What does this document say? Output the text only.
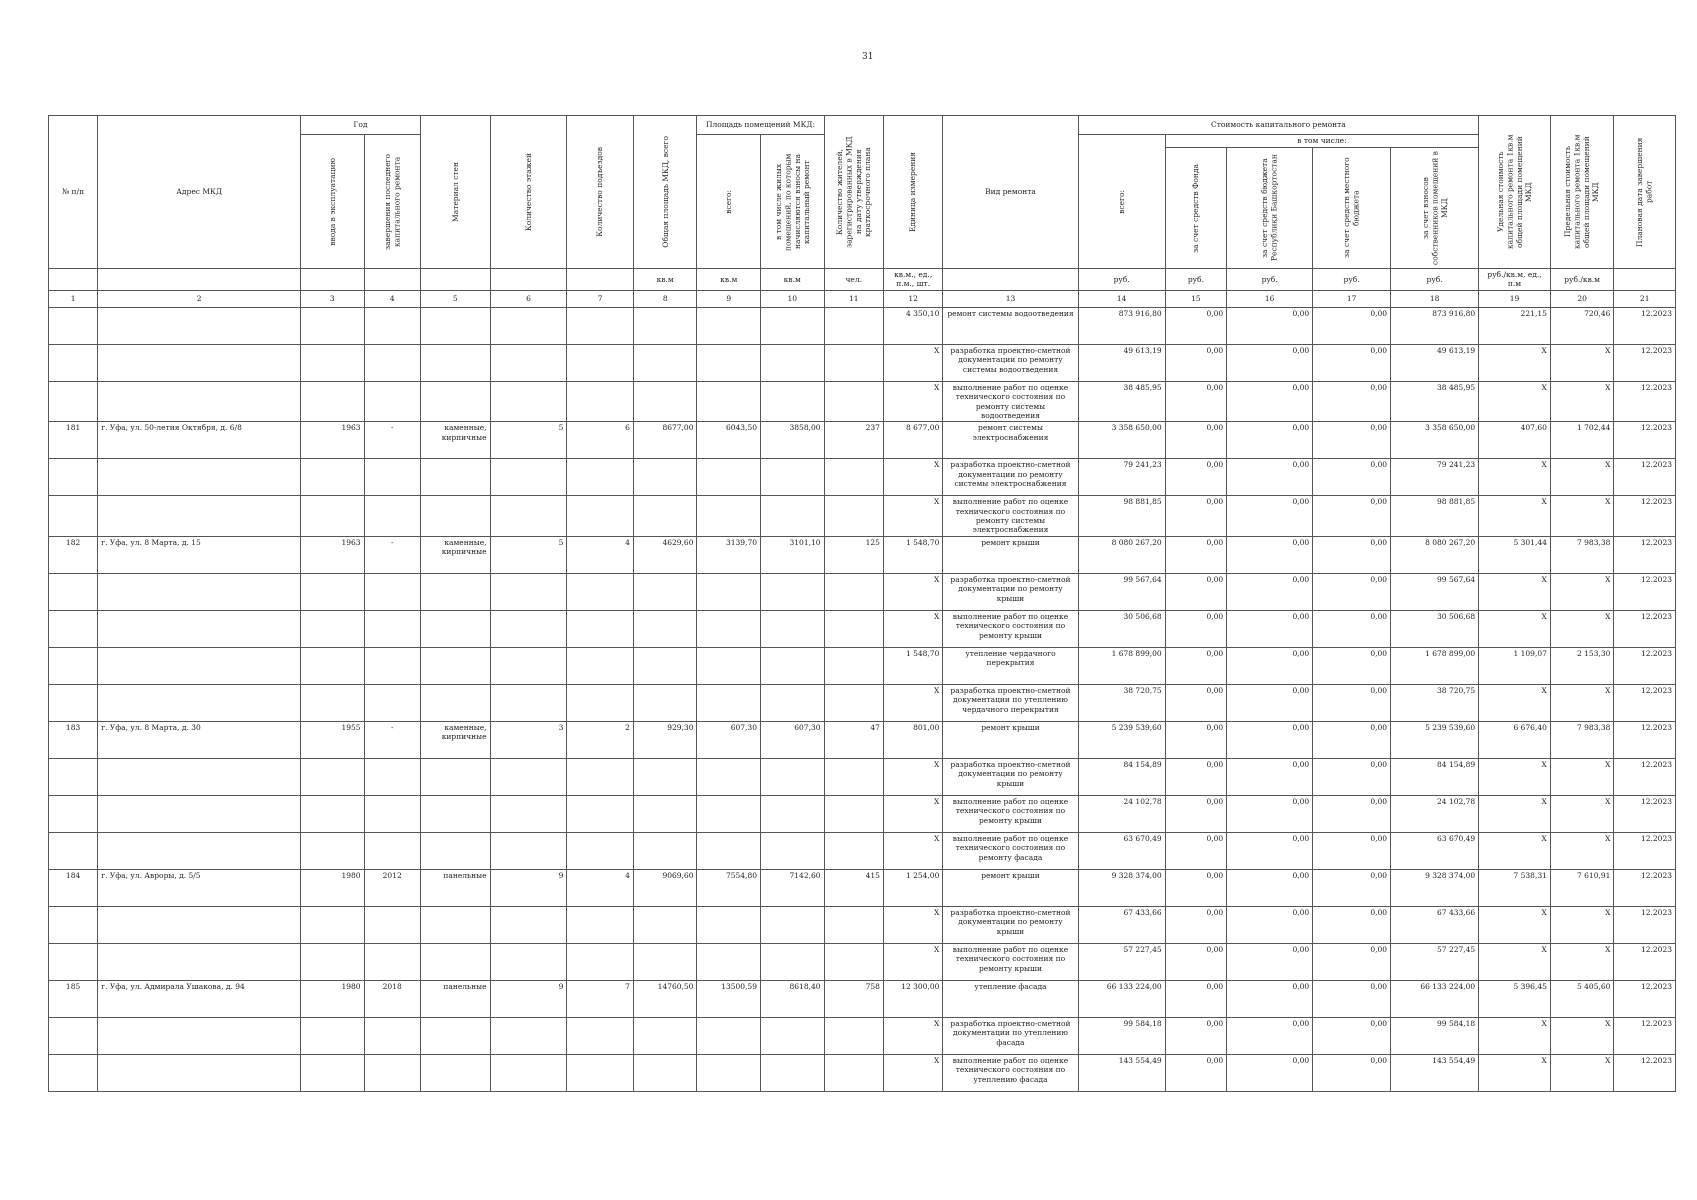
31
№ п/п	Адрес МКД	Год		Материал стен	Количество этажей	Количество подъездов	Общая площадь МКД, всего	Площадь помещений МКД:		Количество жителей, зарегистрированных в МКД на дату утверждения краткосрочного плана	Единица измерения	Вид ремонта	Стоимость капитального ремонта					Удельная стоимость капитального ремонта 1кв.м общей площади помещений МКД	Предельная стоимость капитального ремонта 1кв.м общей площади помещений МКД	Плановая дата завершения работ

		ввода в эксплуатацию	завершения последнего капитального ремонта					всего:	в том числе жилых помещений, по которым начисляются взносы на капитальный ремонт				всего:	в том числе:						

														за счет средств Фонда	за счет средств бюджета Республики Башкортостан	за счет средств местного бюджета	за счет взносов собственников помещений в МКД			

							кв.м	кв.м	кв.м	чел.	кв.м., ед., п.м., шт.		руб.	руб.	руб.	руб.	руб.	руб./кв.м, ед., п.м	руб./кв.м	
1	2	3	4	5	6	7	8	9	10	11	12	13	14	15	16	17	18	19	20	21
											4 350,10	ремонт системы водоотведения	873 916,80	0,00	0,00	0,00	873 916,80	221,15	720,46	12.2023
											X	разработка проектно-сметной документации по ремонту системы водоотведения	49 613,19	0,00	0,00	0,00	49 613,19	X	X	12.2023
											X	выполнение работ по оценке технического состояния по ремонту системы водоотведения	38 485,95	0,00	0,00	0,00	38 485,95	X	X	12.2023
181	г. Уфа, ул. 50-летия Октября, д. 6/8	1963	-	каменные, кирпичные	5	6	8677,00	6043,50	3858,00	237	8 677,00	ремонт системы электроснабжения	3 358 650,00	0,00	0,00	0,00	3 358 650,00	407,60	1 702,44	12.2023
											X	разработка проектно-сметной документации по ремонту системы электроснабжения	79 241,23	0,00	0,00	0,00	79 241,23	X	X	12.2023
											X	выполнение работ по оценке технического состояния по ремонту системы электроснабжения	98 881,85	0,00	0,00	0,00	98 881,85	X	X	12.2023
182	г. Уфа, ул. 8 Марта, д. 15	1963	-	каменные, кирпичные	5	4	4629,60	3139,70	3101,10	125	1 548,70	ремонт крыши	8 080 267,20	0,00	0,00	0,00	8 080 267,20	5 301,44	7 983,38	12.2023
											X	разработка проектно-сметной документации по ремонту крыши	99 567,64	0,00	0,00	0,00	99 567,64	X	X	12.2023
											X	выполнение работ по оценке технического состояния по ремонту крыши	30 506,68	0,00	0,00	0,00	30 506,68	X	X	12.2023
											1 548,70	утепление чердачного перекрытия	1 678 899,00	0,00	0,00	0,00	1 678 899,00	1 109,07	2 153,30	12.2023
											X	разработка проектно-сметной документации по утеплению чердачного перекрытия	38 720,75	0,00	0,00	0,00	38 720,75	X	X	12.2023
183	г. Уфа, ул. 8 Марта, д. 30	1955	-	каменные, кирпичные	3	2	929,30	607,30	607,30	47	801,00	ремонт крыши	5 239 539,60	0,00	0,00	0,00	5 239 539,60	6 676,40	7 983,38	12.2023
											X	разработка проектно-сметной документации по ремонту крыши	84 154,89	0,00	0,00	0,00	84 154,89	X	X	12.2023
											X	выполнение работ по оценке технического состояния по ремонту крыши	24 102,78	0,00	0,00	0,00	24 102,78	X	X	12.2023
											X	выполнение работ по оценке технического состояния по ремонту фасада	63 670,49	0,00	0,00	0,00	63 670,49	X	X	12.2023
184	г. Уфа, ул. Авроры, д. 5/5	1980	2012	панельные	9	4	9069,60	7554,80	7142,60	415	1 254,00	ремонт крыши	9 328 374,00	0,00	0,00	0,00	9 328 374,00	7 538,31	7 610,91	12.2023
											X	разработка проектно-сметной документации по ремонту крыши	67 433,66	0,00	0,00	0,00	67 433,66	X	X	12.2023
											X	выполнение работ по оценке технического состояния по ремонту крыши	57 227,45	0,00	0,00	0,00	57 227,45	X	X	12.2023
185	г. Уфа, ул. Адмирала Ушакова, д. 94	1980	2018	панельные	9	7	14760,50	13500,59	8618,40	758	12 300,00	утепление фасада	66 133 224,00	0,00	0,00	0,00	66 133 224,00	5 396,45	5 405,60	12.2023
											X	разработка проектно-сметной документации по утеплению фасада	99 584,18	0,00	0,00	0,00	99 584,18	X	X	12.2023
											X	выполнение работ по оценке технического состояния по утеплению фасада	143 554,49	0,00	0,00	0,00	143 554,49	X	X	12.2023
